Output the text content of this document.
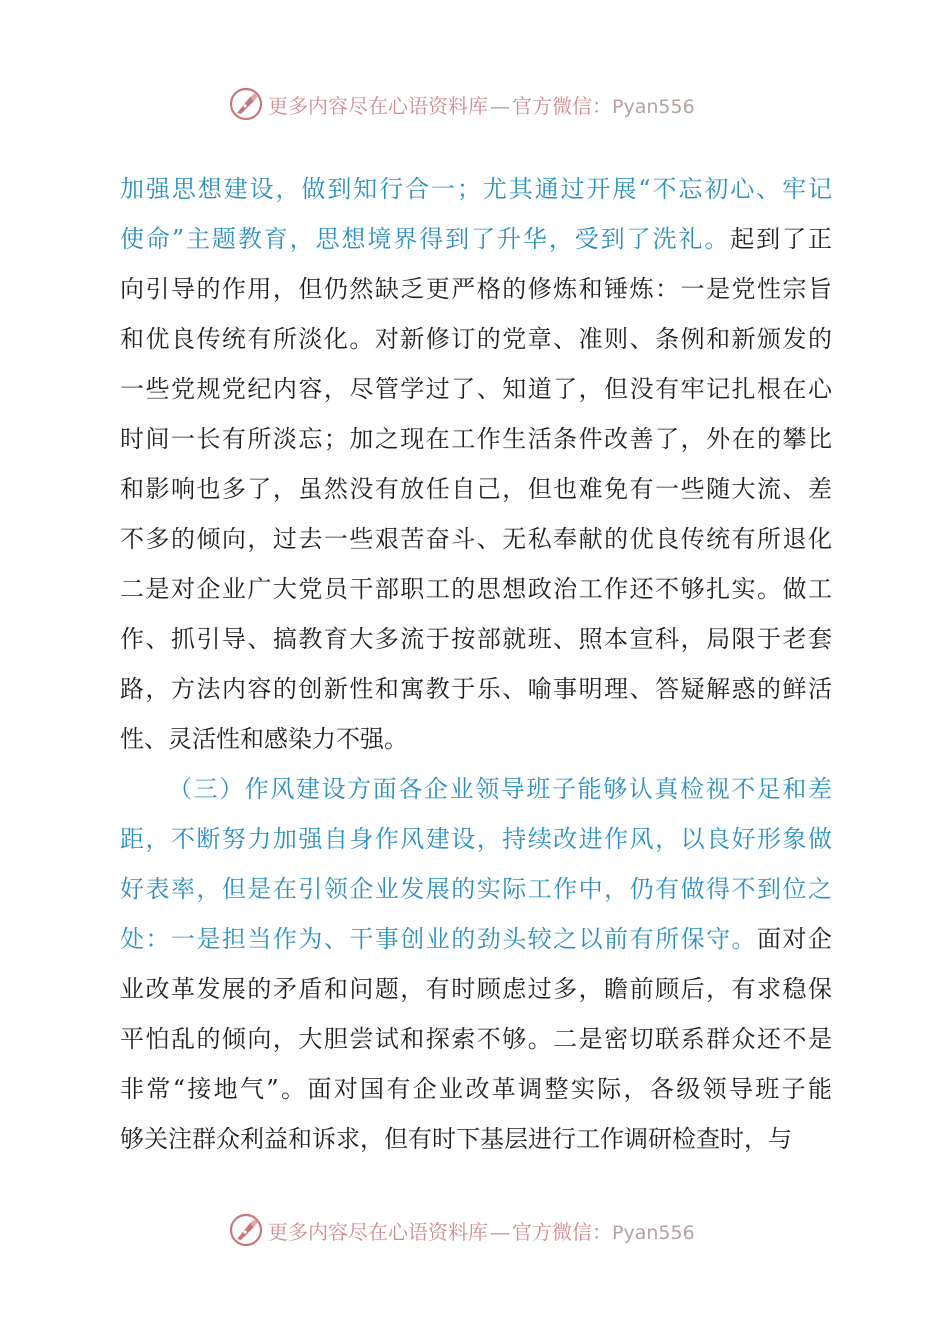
更多内容尽在心语资料库 — 官方微信：Pyan556
加强思想建设，做到知行合一；尤其通过开展“不忘初心、牢记
使命”主题教育，思想境界得到了升华，受到了洗礼。起到了正
向引导的作用，但仍然缺乏更严格的修炼和锤炼：一是党性宗旨
和优良传统有所淡化。对新修订的党章、准则、条例和新颁发的
一些党规党纪内容，尽管学过了、知道了，但没有牢记扎根在心
时间一长有所淡忘；加之现在工作生活条件改善了，外在的攀比
和影响也多了，虽然没有放任自己，但也难免有一些随大流、差
不多的倾向，过去一些艰苦奋斗、无私奉献的优良传统有所退化
二是对企业广大党员干部职工的思想政治工作还不够扎实。做工
作、抓引导、搞教育大多流于按部就班、照本宣科，局限于老套
路，方法内容的创新性和寓教于乐、喻事明理、答疑解惑的鲜活
性、灵活性和感染力不强。
（三）作风建设方面各企业领导班子能够认真检视不足和差
距，不断努力加强自身作风建设，持续改进作风，以良好形象做
好表率，但是在引领企业发展的实际工作中，仍有做得不到位之
处：一是担当作为、干事创业的劲头较之以前有所保守。面对企
业改革发展的矛盾和问题，有时顾虑过多，瞻前顾后，有求稳保
平怕乱的倾向，大胆尝试和探索不够。二是密切联系群众还不是
非常“接地气”。面对国有企业改革调整实际，各级领导班子能
够关注群众利益和诉求，但有时下基层进行工作调研检查时，与
更多内容尽在心语资料库 — 官方微信：Pyan556
